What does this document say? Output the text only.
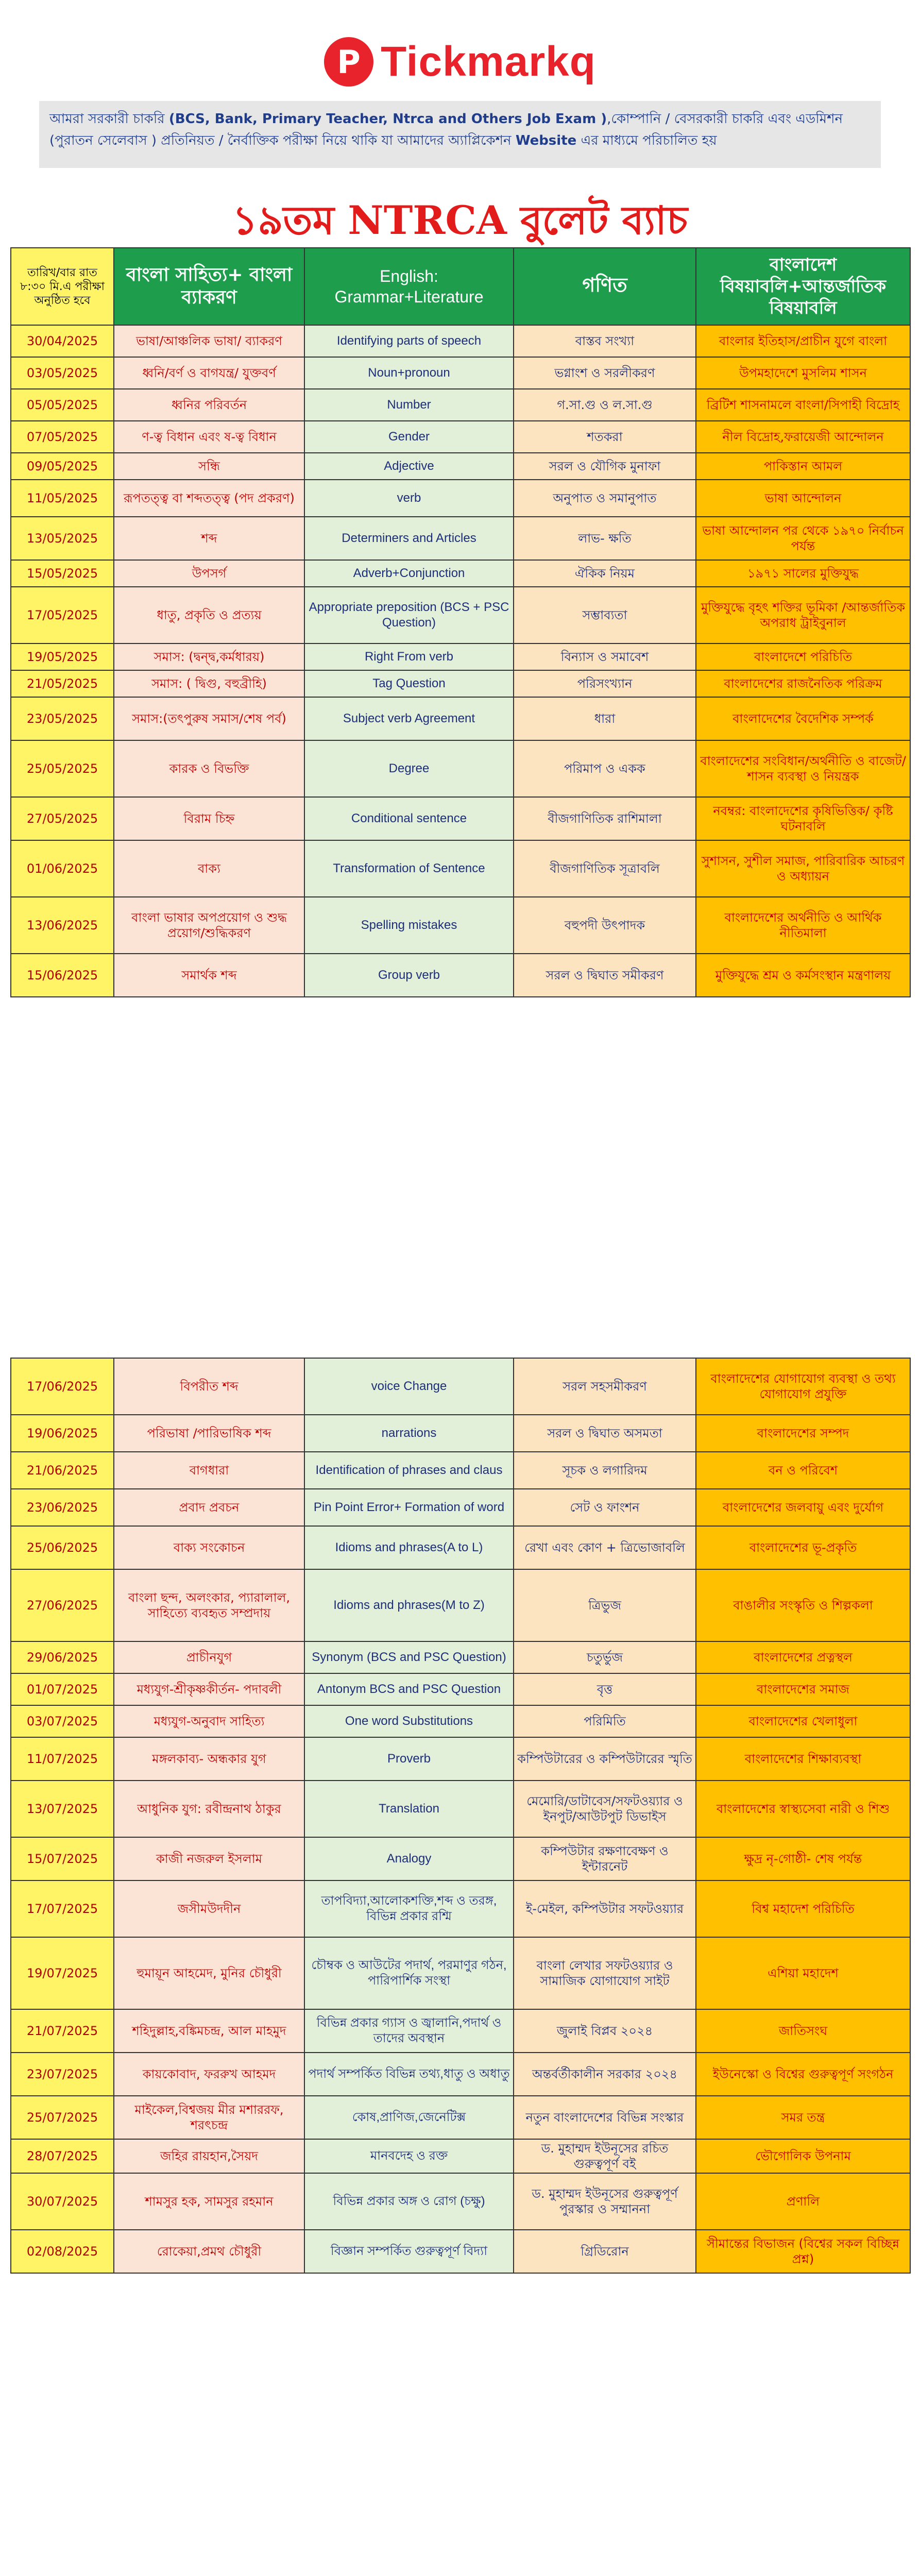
P Tickmarkq
আমরা সরকারী চাকরি (BCS, Bank, Primary Teacher, Ntrca and Others Job Exam ),কোম্পানি / বেসরকারী চাকরি এবং এডমিশন (পুরাতন সেলেবাস ) প্রতিনিয়ত / নৈর্বাক্তিক পরীক্ষা নিয়ে থাকি যা আমাদের অ্যাপ্লিকেশন Website এর মাধ্যমে পরিচালিত হয়
১৯তম NTRCA বুলেট ব্যাচ
তারিখ/বার রাত ৮:৩০ মি.এ পরীক্ষা অনুষ্ঠিত হবে	বাংলা সাহিত্য+ বাংলা ব্যাকরণ	English: Grammar+Literature	গণিত	বাংলাদেশ বিষয়াবলি+আন্তর্জাতিক বিষয়াবলি
30/04/2025	ভাষা/আঞ্চলিক ভাষা/ ব্যাকরণ	Identifying parts of speech	বাস্তব সংখ্যা	বাংলার ইতিহাস/প্রাচীন যুগে বাংলা
03/05/2025	ধ্বনি/বর্ণ ও বাগযন্ত্র/ যুক্তবর্ণ	Noun+pronoun	ভগ্নাংশ ও সরলীকরণ	উপমহাদেশে মুসলিম শাসন
05/05/2025	ধ্বনির পরিবর্তন	Number	গ.সা.গু ও ল.সা.গু	ব্রিটিশ শাসনামলে বাংলা/সিপাহী বিদ্রোহ
07/05/2025	ণ-ত্ব বিধান এবং ষ-ত্ব বিধান	Gender	শতকরা	নীল বিদ্রোহ,ফরায়েজী আন্দোলন
09/05/2025	সন্ধি	Adjective	সরল ও যৌগিক মুনাফা	পাকিস্তান আমল
11/05/2025	রূপতত্ত্ব বা শব্দতত্ত্ব (পদ প্রকরণ)	verb	অনুপাত ও সমানুপাত	ভাষা আন্দোলন
13/05/2025	শব্দ	Determiners and Articles	লাভ- ক্ষতি	ভাষা আন্দোলন পর থেকে ১৯৭০ নির্বাচন পর্যন্ত
15/05/2025	উপসর্গ	Adverb+Conjunction	ঐকিক নিয়ম	১৯৭১ সালের মুক্তিযুদ্ধ
17/05/2025	ধাতু, প্রকৃতি ও প্রত্যয়	Appropriate preposition (BCS + PSC Question)	সম্ভাব্যতা	মুক্তিযুদ্ধে বৃহৎ শক্তির ভূমিকা /আন্তর্জাতিক অপরাধ ট্রাইবুনাল
19/05/2025	সমাস: (দ্বন্দ্ব,কর্মধারয়)	Right From verb	বিন্যাস ও সমাবেশ	বাংলাদেশে পরিচিতি
21/05/2025	সমাস: ( দ্বিগু, বহুব্রীহি)	Tag Question	পরিসংখ্যান	বাংলাদেশের রাজনৈতিক পরিক্রম
23/05/2025	সমাস:(তৎপুরুষ সমাস/শেষ পর্ব)	Subject verb Agreement	ধারা	বাংলাদেশের বৈদেশিক সম্পর্ক
25/05/2025	কারক ও বিভক্তি	Degree	পরিমাপ ও একক	বাংলাদেশের সংবিধান/অর্থনীতি ও বাজেট/শাসন ব্যবস্থা ও নিয়ন্ত্রক
27/05/2025	বিরাম চিহ্ন	Conditional sentence	বীজগাণিতিক রাশিমালা	নবম্বর: বাংলাদেশের কৃষিভিত্তিক/ কৃষ্টি ঘটনাবলি
01/06/2025	বাক্য	Transformation of Sentence	বীজগাণিতিক সূত্রাবলি	সুশাসন, সুশীল সমাজ, পারিবারিক আচরণ ও অধ্যায়ন
13/06/2025	বাংলা ভাষার অপপ্রয়োগ ও শুদ্ধ প্রয়োগ/শুদ্ধিকরণ	Spelling mistakes	বহুপদী উৎপাদক	বাংলাদেশের অর্থনীতি ও আর্থিক নীতিমালা
15/06/2025	সমার্থক শব্দ	Group verb	সরল ও দ্বিঘাত সমীকরণ	মুক্তিযুদ্ধে শ্রম ও কর্মসংস্থান মন্ত্রণালয়
17/06/2025	বিপরীত শব্দ	voice Change	সরল সহসমীকরণ	বাংলাদেশের যোগাযোগ ব্যবস্থা ও তথ্য যোগাযোগ প্রযুক্তি
19/06/2025	পরিভাষা /পারিভাষিক শব্দ	narrations	সরল ও দ্বিঘাত অসমতা	বাংলাদেশের সম্পদ
21/06/2025	বাগধারা	Identification of phrases and claus	সূচক ও লগারিদম	বন ও পরিবেশ
23/06/2025	প্রবাদ প্রবচন	Pin Point Error+ Formation of word	সেট ও ফাংশন	বাংলাদেশের জলবায়ু এবং দুর্যোগ
25/06/2025	বাক্য সংকোচন	Idioms and phrases(A to L)	রেখা এবং কোণ + ত্রিভোজাবলি	বাংলাদেশের ভূ-প্রকৃতি
27/06/2025	বাংলা ছন্দ, অলংকার, প্যারালাল, সাহিত্যে ব্যবহৃত সম্প্রদায়	Idioms and phrases(M to Z)	ত্রিভুজ	বাঙালীর সংস্কৃতি ও শিল্পকলা
29/06/2025	প্রাচীনযুগ	Synonym (BCS and PSC Question)	চতুর্ভুজ	বাংলাদেশের প্রত্নস্থল
01/07/2025	মধ্যযুগ-শ্রীকৃষ্ণকীর্তন- পদাবলী	Antonym BCS and PSC Question	বৃত্ত	বাংলাদেশের সমাজ
03/07/2025	মধ্যযুগ-অনুবাদ সাহিত্য	One word Substitutions	পরিমিতি	বাংলাদেশের খেলাধুলা
11/07/2025	মঙ্গলকাব্য- অন্ধকার যুগ	Proverb	কম্পিউটারের ও কম্পিউটারের স্মৃতি	বাংলাদেশের শিক্ষাব্যবস্থা
13/07/2025	আধুনিক যুগ: রবীন্দ্রনাথ ঠাকুর	Translation	মেমোরি/ডাটাবেস/সফটওয়্যার ও ইনপুট/আউটপুট ডিভাইস	বাংলাদেশের স্বাস্থ্যসেবা নারী ও শিশু
15/07/2025	কাজী নজরুল ইসলাম	Analogy	কম্পিউটার রক্ষণাবেক্ষণ ও ইন্টারনেট	ক্ষুদ্র নৃ-গোষ্ঠী- শেষ পর্যন্ত
17/07/2025	জসীমউদদীন	তাপবিদ্যা,আলোকশক্তি,শব্দ ও তরঙ্গ, বিভিন্ন প্রকার রশ্মি	ই-মেইল, কম্পিউটার সফটওয়্যার	বিশ্ব মহাদেশ পরিচিতি
19/07/2025	হুমায়ূন আহমেদ, মুনির চৌধুরী	চৌম্বক ও আউটের পদার্থ, পরমাণুর গঠন, পারিপার্শিক সংস্থা	বাংলা লেখার সফটওয়্যার ও সামাজিক যোগাযোগ সাইট	এশিয়া মহাদেশ
21/07/2025	শহিদুল্লাহ,বঙ্কিমচন্দ্র, আল মাহমুদ	বিভিন্ন প্রকার গ্যাস ও জ্বালানি,পদার্থ ও তাদের অবস্থান	জুলাই বিপ্লব ২০২৪	জাতিসংঘ
23/07/2025	কায়কোবাদ, ফররুখ আহমদ	পদার্থ সম্পর্কিত বিভিন্ন তথ্য,ধাতু ও অধাতু	অন্তর্বর্তীকালীন সরকার ২০২৪	ইউনেস্কো ও বিশ্বের গুরুত্বপূর্ণ সংগঠন
25/07/2025	মাইকেল,বিশ্বজয় মীর মশাররফ, শরৎচন্দ্র	কোষ,প্রাণিজ,জেনেটিক্স	নতুন বাংলাদেশের বিভিন্ন সংস্কার	সমর তন্ত্র
28/07/2025	জহির রায়হান,সৈয়দ	মানবদেহ ও রক্ত	ড. মুহাম্মদ ইউনূসের রচিত গুরুত্বপূর্ণ বই	ভৌগোলিক উপনাম
30/07/2025	শামসুর হক, সামসুর রহমান	বিভিন্ন প্রকার অঙ্গ ও রোগ (চক্ষু)	ড. মুহাম্মদ ইউনূসের গুরুত্বপূর্ণ পুরস্কার ও সম্মাননা	প্রণালি
02/08/2025	রোকেয়া,প্রমথ চৌধুরী	বিজ্ঞান সম্পর্কিত গুরুত্বপূর্ণ বিদ্যা	গ্রিডিরোন	সীমান্তের বিভাজন (বিশ্বের সকল বিচ্ছিন্ন প্রশ্ন)
